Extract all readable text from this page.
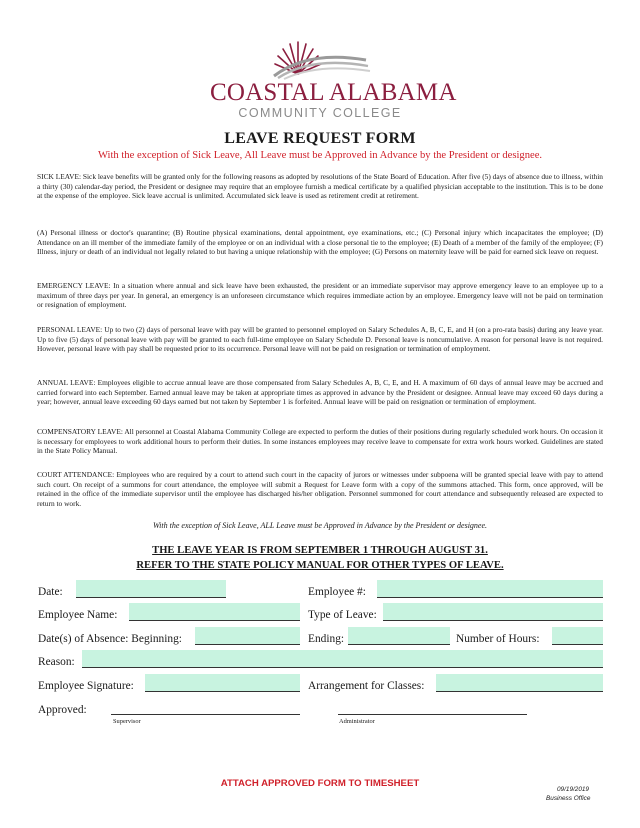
COASTAL ALABAMA
COMMUNITY COLLEGE
LEAVE REQUEST FORM
With the exception of Sick Leave, All Leave must be Approved in Advance by the President or designee.

SICK LEAVE: Sick leave benefits will be granted only for the following reasons as adopted by resolutions of the State Board of Education. After five (5) days of absence due to illness, within a thirty (30) calendar-day period, the President or designee may require that an employee furnish a medical certificate by a qualified physician acceptable to the institution. This is to be done at the expense of the employee. Sick leave accrual is unlimited. Accumulated sick leave is used as retirement credit at retirement.

(A) Personal illness or doctor's quarantine; (B) Routine physical examinations, dental appointment, eye examinations, etc.; (C) Personal injury which incapacitates the employee; (D) Attendance on an ill member of the immediate family of the employee or on an individual with a close personal tie to the employee; (E) Death of a member of the family of the employee; (F) Illness, injury or death of an individual not legally related to but having a unique relationship with the employee; (G) Persons on maternity leave will be paid for earned sick leave on request.

EMERGENCY LEAVE: In a situation where annual and sick leave have been exhausted, the president or an immediate supervisor may approve emergency leave to an employee up to a maximum of three days per year. In general, an emergency is an unforeseen circumstance which requires immediate action by an employee. Emergency leave will not be paid on termination or resignation of employment.

PERSONAL LEAVE: Up to two (2) days of personal leave with pay will be granted to personnel employed on Salary Schedules A, B, C, E, and H (on a pro-rata basis) during any leave year. Up to five (5) days of personal leave with pay will be granted to each full-time employee on Salary Schedule D. Personal leave is noncumulative. A reason for personal leave is not required. However, personal leave with pay shall be requested prior to its occurrence. Personal leave will not be paid on resignation or termination of employment.

ANNUAL LEAVE: Employees eligible to accrue annual leave are those compensated from Salary Schedules A, B, C, E, and H. A maximum of 60 days of annual leave may be accrued and carried forward into each September. Earned annual leave may be taken at appropriate times as approved in advance by the President or designee. Annual leave may exceed 60 days during a year; however, annual leave exceeding 60 days earned but not taken by September 1 is forfeited. Annual leave will be paid on resignation or termination of employment.

COMPENSATORY LEAVE: All personnel at Coastal Alabama Community College are expected to perform the duties of their positions during regularly scheduled work hours. On occasion it is necessary for employees to work additional hours to perform their duties. In some instances employees may receive leave to compensate for extra work hours worked. Guidelines are stated in the State Policy Manual.

COURT ATTENDANCE: Employees who are required by a court to attend such court in the capacity of jurors or witnesses under subpoena will be granted special leave with pay to attend such court. On receipt of a summons for court attendance, the employee will submit a Request for Leave form with a copy of the summons attached. This form, once approved, will be retained in the office of the immediate supervisor until the employee has discharged his/her obligation. Personnel summoned for court attendance and subsequently released are expected to return to work.

With the exception of Sick Leave, ALL Leave must be Approved in Advance by the President or designee.
THE LEAVE YEAR IS FROM SEPTEMBER 1 THROUGH AUGUST 31.
REFER TO THE STATE POLICY MANUAL FOR OTHER TYPES OF LEAVE.
Date:	Employee #:
Employee Name:	Type of Leave:
Date(s) of Absence: Beginning:	Ending:	Number of Hours:
Reason:
Employee Signature:	Arrangement for Classes:
Approved:
Supervisor	Administrator
ATTACH APPROVED FORM TO TIMESHEET
09/19/2019
Business Office
